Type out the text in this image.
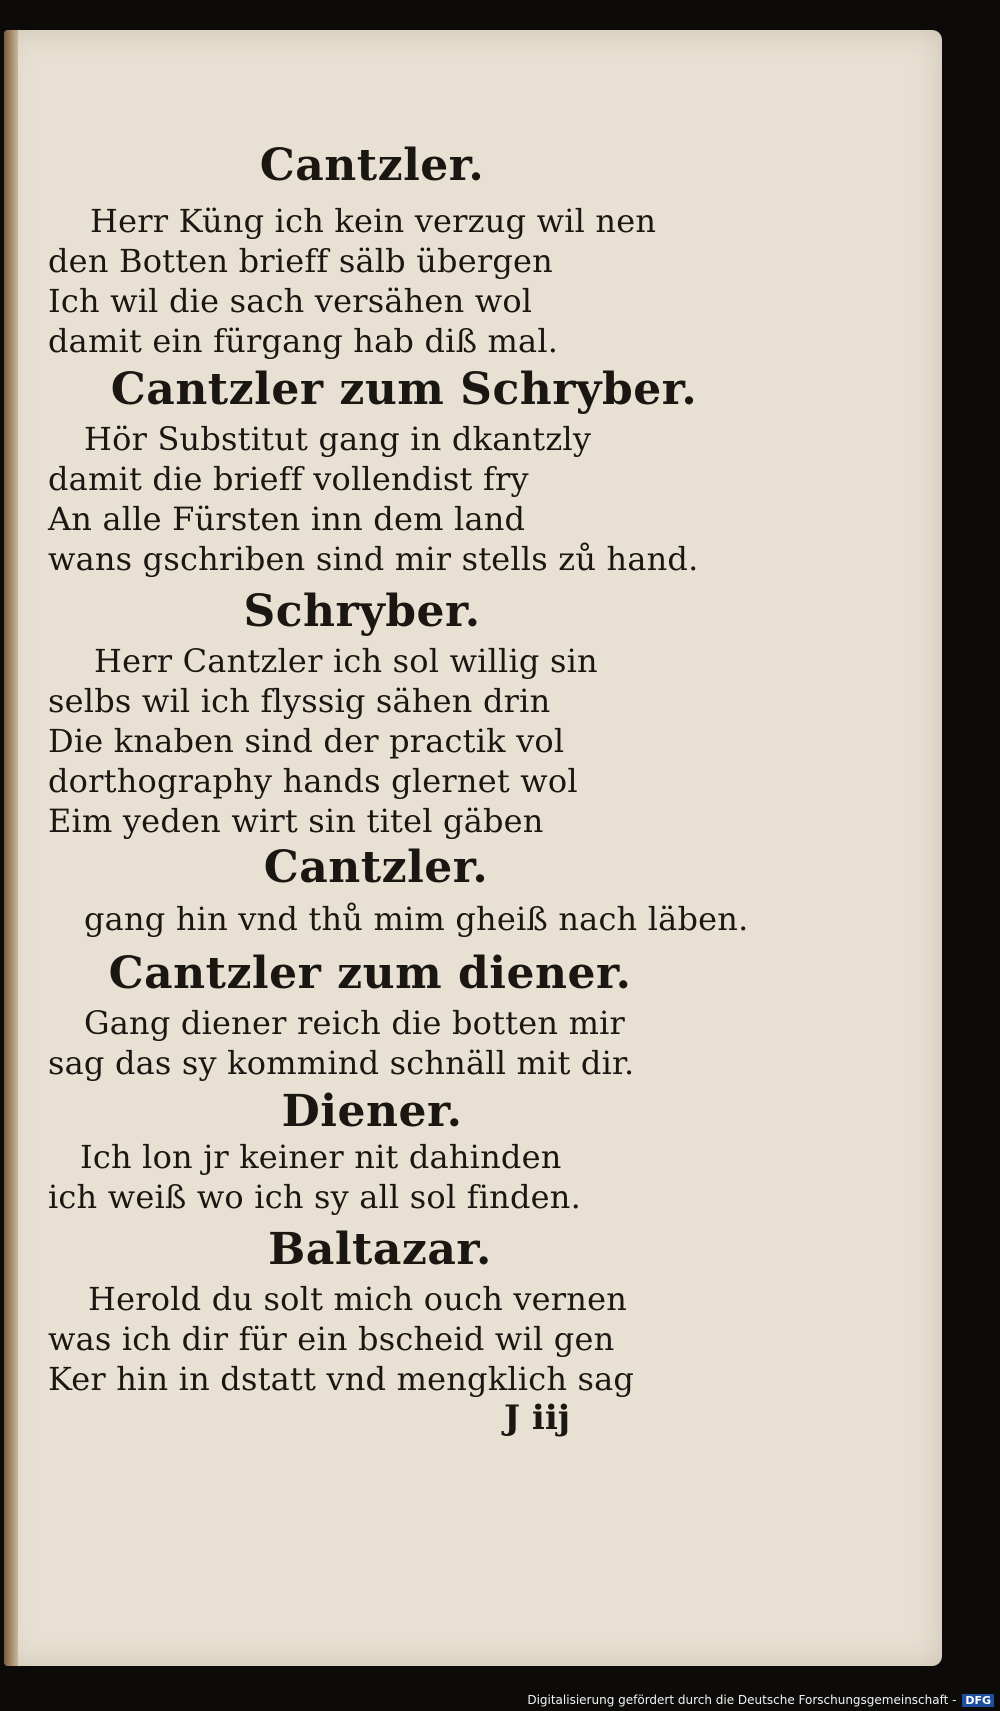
Cantzler.
Herr Küng ich kein verzug wil nen
den Botten brieff sälb übergen
Ich wil die sach versähen wol
damit ein fürgang hab diß mal.
Cantzler zum Schryber.
Hör Substitut gang in dkantzly
damit die brieff vollendist fry
An alle Fürsten inn dem land
wans gschriben sind mir stells zů hand.
Schryber.
Herr Cantzler ich sol willig sin
selbs wil ich flyssig sähen drin
Die knaben sind der practik vol
dorthography hands glernet wol
Eim yeden wirt sin titel gäben
Cantzler.
gang hin vnd thů mim gheiß nach läben.
Cantzler zum diener.
Gang diener reich die botten mir
sag das sy kommind schnäll mit dir.
Diener.
Ich lon jr keiner nit dahinden
ich weiß wo ich sy all sol finden.
Baltazar.
Herold du solt mich ouch vernen
was ich dir für ein bscheid wil gen
Ker hin in dstatt vnd mengklich sag
J iij
Digitalisierung gefördert durch die Deutsche Forschungsgemeinschaft - DFG
